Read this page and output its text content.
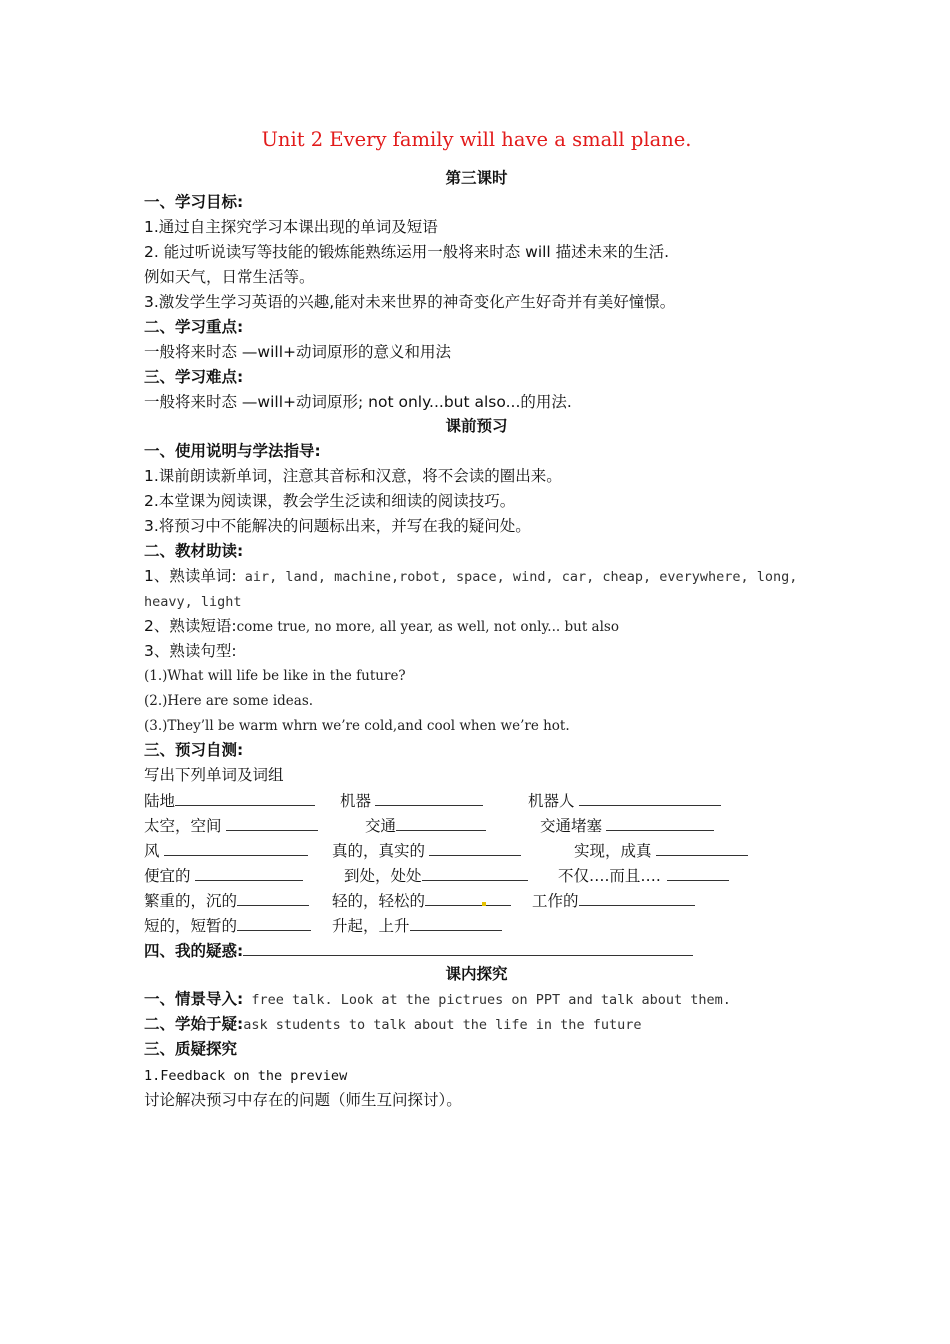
Unit 2 Every family will have a small plane.
第三课时
一、学习目标:
1.通过自主探究学习本课出现的单词及短语
2. 能过听说读写等技能的锻炼能熟练运用一般将来时态 will 描述未来的生活.
例如天气，日常生活等。
3.激发学生学习英语的兴趣,能对未来世界的神奇变化产生好奇并有美好憧憬。
二、学习重点:
一般将来时态 —will+动词原形的意义和用法
三、学习难点:
一般将来时态 —will+动词原形; not only...but also...的用法.
课前预习
一、使用说明与学法指导:
1.课前朗读新单词，注意其音标和汉意，将不会读的圈出来。
2.本堂课为阅读课，教会学生泛读和细读的阅读技巧。
3.将预习中不能解决的问题标出来，并写在我的疑问处。
二、教材助读:
1、熟读单词: air, land, machine,robot, space, wind, car, cheap, everywhere, long,
heavy, light
2、熟读短语:come true, no more, all year, as well, not only... but also
3、熟读句型:
(1.)What will life be like in the future?
(2.)Here are some ideas.
(3.)They’ll be warm whrn we’re cold,and cool when we’re hot.
三、预习自测:
写出下列单词及词组
陆地	机器	机器人
太空，空间	交通	交通堵塞
风	真的，真实的	实现，成真
便宜的	到处，处处	不仅….而且….
繁重的，沉的	轻的，轻松的	工作的
短的，短暂的	升起，上升
四、我的疑惑:
课内探究
一、情景导入: free talk. Look at the pictrues on PPT and talk about them.
二、学始于疑:ask students to talk about the life in the future
三、质疑探究
1.Feedback on the preview
讨论解决预习中存在的问题（师生互问探讨）。
